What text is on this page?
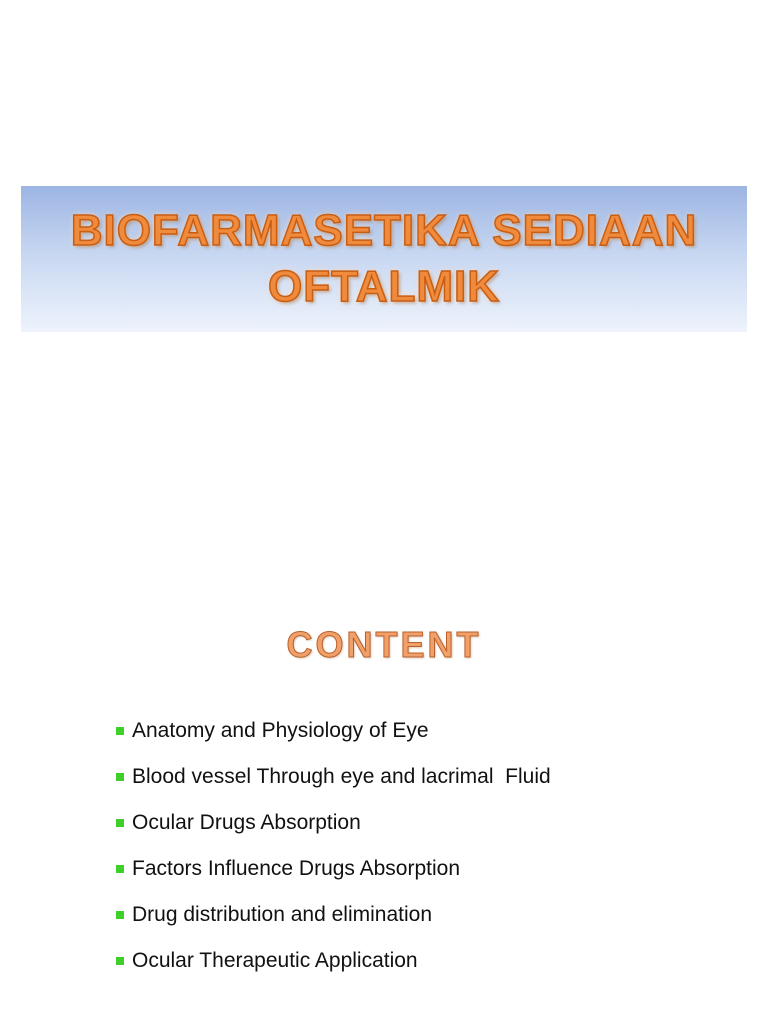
BIOFARMASETIKA SEDIAAN
OFTALMIK
CONTENT
Anatomy and Physiology of Eye
Blood vessel Through eye and lacrimal  Fluid
Ocular Drugs Absorption
Factors Influence Drugs Absorption
Drug distribution and elimination
Ocular Therapeutic Application
